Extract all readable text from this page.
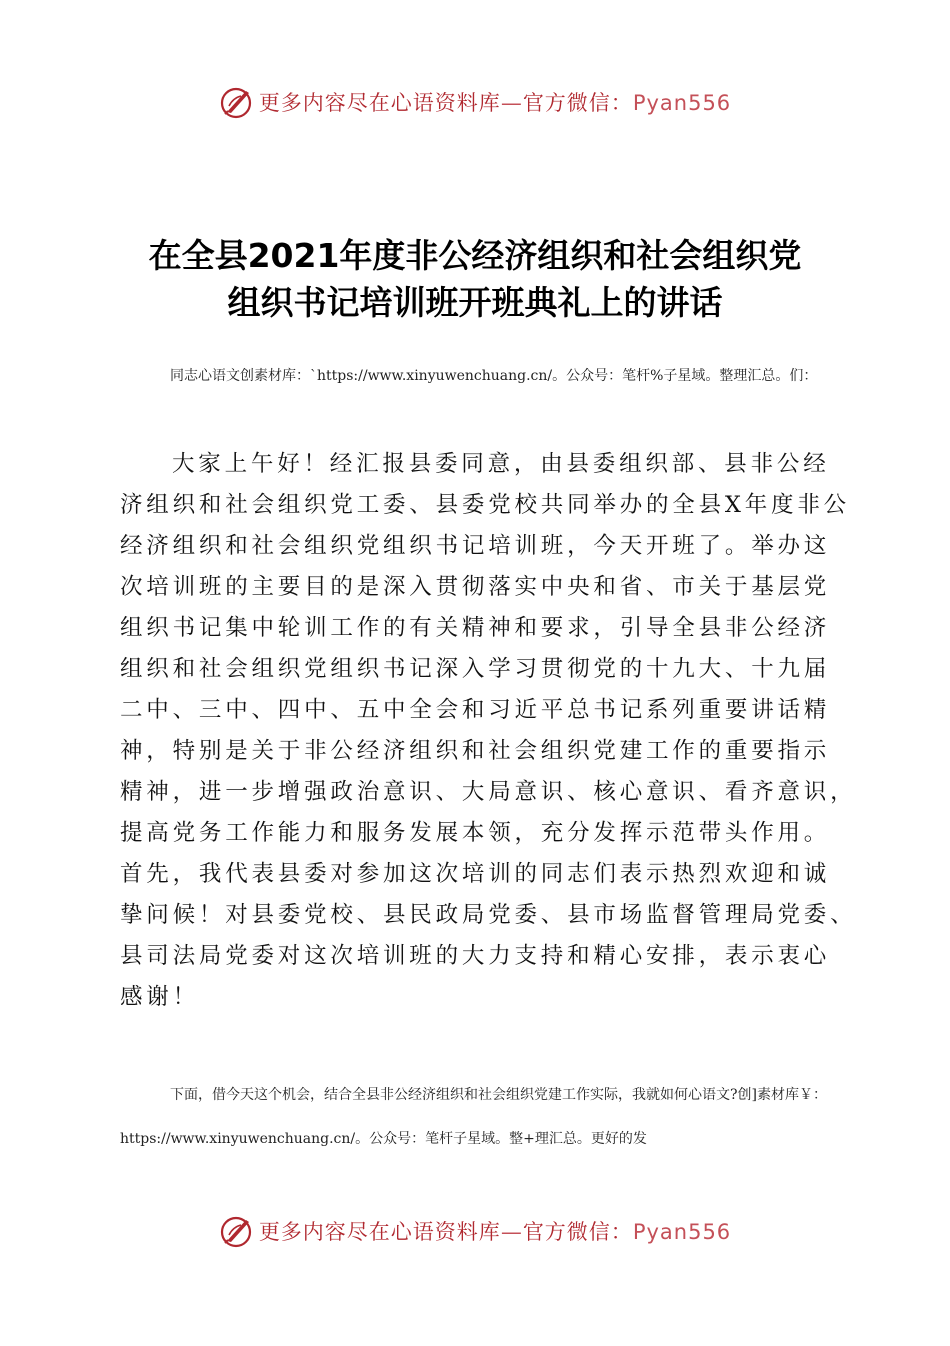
更多内容尽在心语资料库—官方微信：Pyan556
在全县2021年度非公经济组织和社会组织党
组织书记培训班开班典礼上的讲话
同志心语文创素材库：`https://www.xinyuwenchuang.cn/。公众号：笔杆%子星域。整理汇总。们：
大家上午好！经汇报县委同意，由县委组织部、县非公经
济组织和社会组织党工委、县委党校共同举办的全县X年度非公
经济组织和社会组织党组织书记培训班，今天开班了。举办这
次培训班的主要目的是深入贯彻落实中央和省、市关于基层党
组织书记集中轮训工作的有关精神和要求，引导全县非公经济
组织和社会组织党组织书记深入学习贯彻党的十九大、十九届
二中、三中、四中、五中全会和习近平总书记系列重要讲话精
神，特别是关于非公经济组织和社会组织党建工作的重要指示
精神，进一步增强政治意识、大局意识、核心意识、看齐意识，
提高党务工作能力和服务发展本领，充分发挥示范带头作用。
首先，我代表县委对参加这次培训的同志们表示热烈欢迎和诚
挚问候！对县委党校、县民政局党委、县市场监督管理局党委、
县司法局党委对这次培训班的大力支持和精心安排，表示衷心
感谢！
下面，借今天这个机会，结合全县非公经济组织和社会组织党建工作实际，我就如何心语文?创]素材库￥：https://www.xinyuwenchuang.cn/。公众号：笔杆子星域。整+理汇总。更好的发
更多内容尽在心语资料库—官方微信：Pyan556
